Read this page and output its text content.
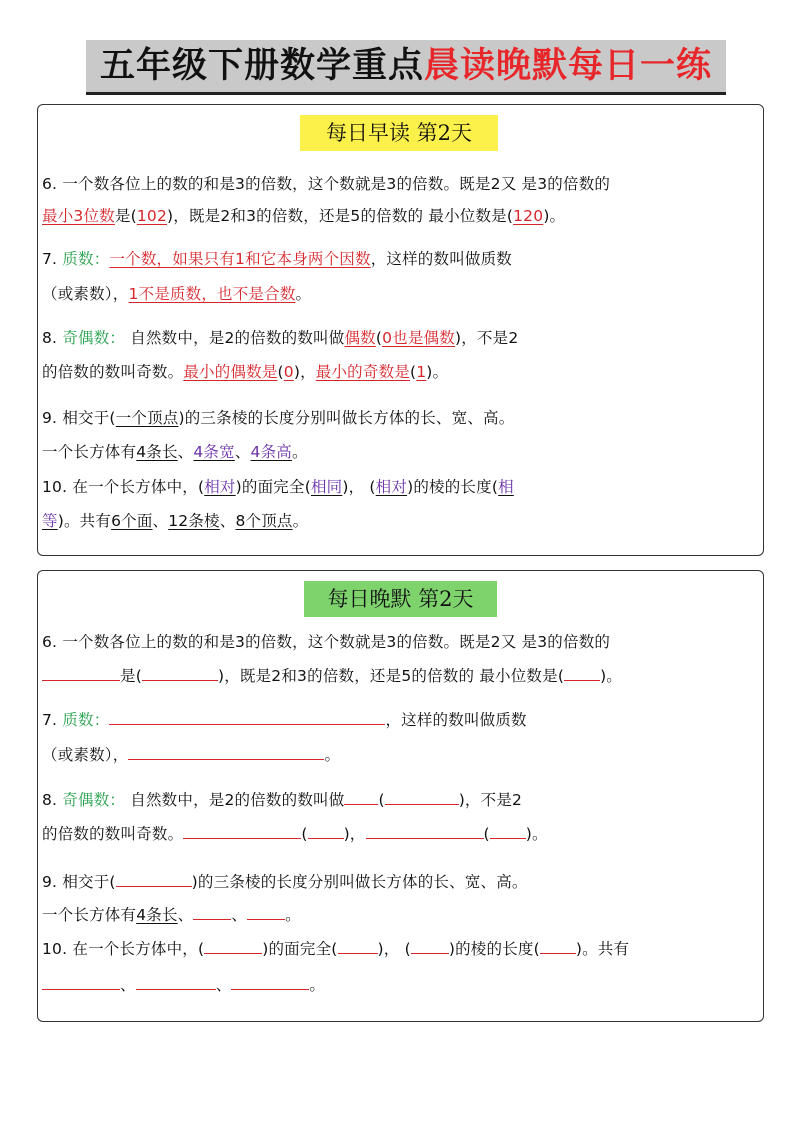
五年级下册数学重点晨读晚默每日一练
每日早读 第2天
6. 一个数各位上的数的和是3的倍数，这个数就是3的倍数。既是2又 是3的倍数的
最小3位数是(102)，既是2和3的倍数，还是5的倍数的 最小位数是(120)。
7. 质数：一个数，如果只有1和它本身两个因数，这样的数叫做质数
（或素数），1不是质数，也不是合数。
8. 奇偶数： 自然数中，是2的倍数的数叫做偶数(0也是偶数)，不是2
的倍数的数叫奇数。最小的偶数是(0)，最小的奇数是(1)。
9. 相交于(一个顶点)的三条棱的长度分别叫做长方体的长、宽、高。
一个长方体有4条长、4条宽、4条高。
10. 在一个长方体中，(相对)的面完全(相同)， (相对)的棱的长度(相
等)。共有6个面、12条棱、8个顶点。
每日晚默 第2天
6. 一个数各位上的数的和是3的倍数，这个数就是3的倍数。既是2又 是3的倍数的
是(	)，既是2和3的倍数，还是5的倍数的 最小位数是( )。
7. 质数：	，这样的数叫做质数
（或素数），	。
8. 奇偶数： 自然数中，是2的倍数的数叫做 (	)，不是2
的倍数的数叫奇数。	( )，	( )。
9. 相交于(	)的三条棱的长度分别叫做长方体的长、宽、高。
一个长方体有4条长、 、 。
10. 在一个长方体中，(	)的面完全(	)， ( )的棱的长度( )。共有
、	、	。
